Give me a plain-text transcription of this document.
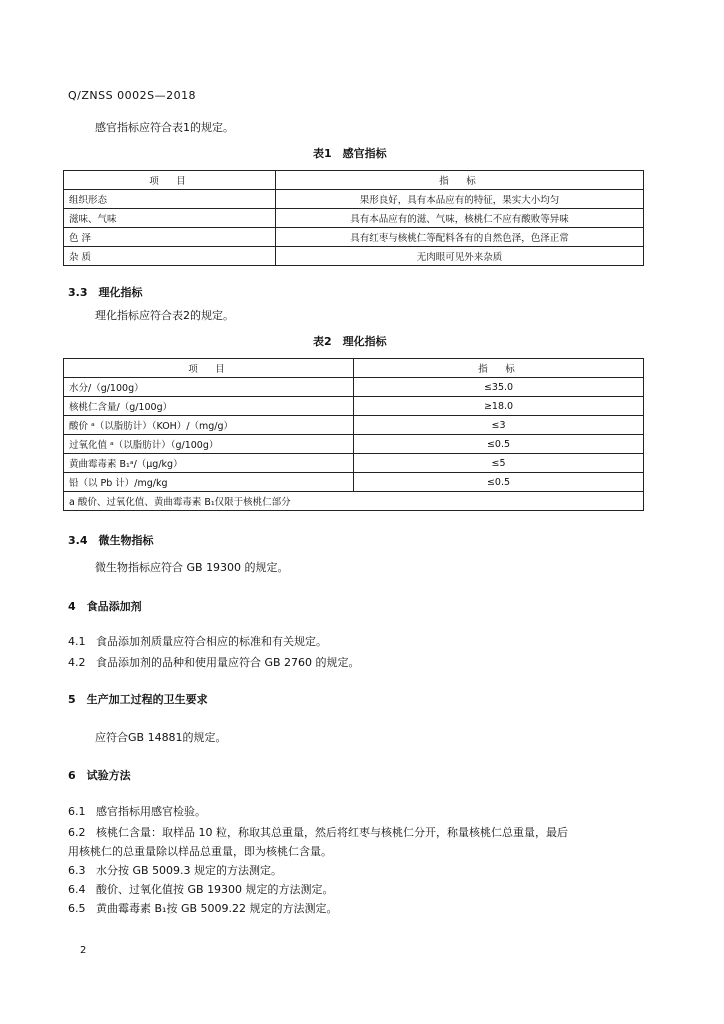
Q/ZNSS 0002S—2018
感官指标应符合表1的规定。
表1　感官指标
项　目	指　标
组织形态	果形良好，具有本品应有的特征，果实大小均匀
滋味、气味	具有本品应有的滋、气味，核桃仁不应有酸败等异味
色 泽	具有红枣与核桃仁等配料各有的自然色泽，色泽正常
杂 质	无肉眼可见外来杂质
3.3　理化指标
理化指标应符合表2的规定。
表2　理化指标
项　目	指　标
水分/（g/100g）	≤35.0
核桃仁含量/（g/100g）	≥18.0
酸价 ᵃ（以脂肪计）（KOH）/（mg/g）	≤3
过氧化值 ᵃ（以脂肪计）（g/100g）	≤0.5
黄曲霉毒素 B₁ᵃ/（μg/kg）	≤5
铅（以 Pb 计）/mg/kg	≤0.5
a 酸价、过氧化值、黄曲霉毒素 B₁仅限于核桃仁部分	
3.4　微生物指标
微生物指标应符合 GB 19300 的规定。
4　食品添加剂
4.1 食品添加剂质量应符合相应的标准和有关规定。
4.2 食品添加剂的品种和使用量应符合 GB 2760 的规定。
5　生产加工过程的卫生要求
应符合GB 14881的规定。
6　试验方法
6.1 感官指标用感官检验。
6.2 核桃仁含量：取样品 10 粒，称取其总重量，然后将红枣与核桃仁分开，称量核桃仁总重量，最后
用核桃仁的总重量除以样品总重量，即为核桃仁含量。
6.3 水分按 GB 5009.3 规定的方法测定。
6.4 酸价、过氧化值按 GB 19300 规定的方法测定。
6.5 黄曲霉毒素 B₁按 GB 5009.22 规定的方法测定。
2
